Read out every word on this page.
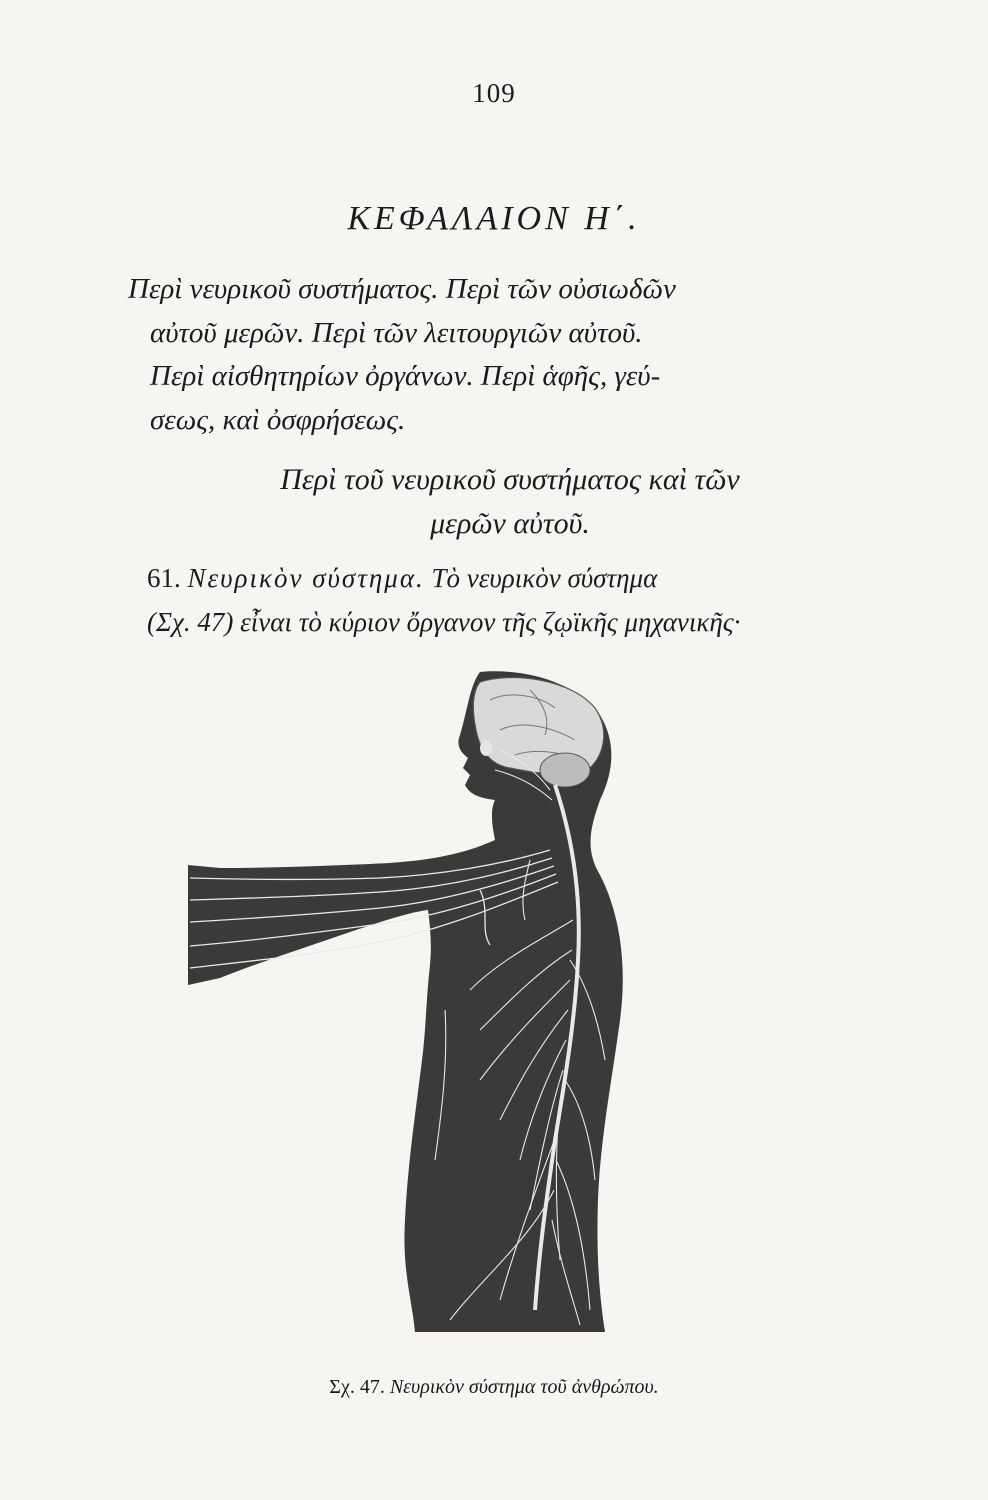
109
ΚΕΦΑΛΑΙΟΝ Η΄.
Περὶ νευρικοῦ συστήματος. Περὶ τῶν οὐσιωδῶν
αὐτοῦ μερῶν. Περὶ τῶν λειτουργιῶν αὐτοῦ.
Περὶ αἰσθητηρίων ὀργάνων. Περὶ ἁφῆς, γεύ-
σεως, καὶ ὀσφρήσεως.
Περὶ τοῦ νευρικοῦ συστήματος καὶ τῶν
μερῶν αὐτοῦ.
61. Νευρικὸν σύστημα. Τὸ νευρικὸν σύστημα
(Σχ. 47) εἶναι τὸ κύριον ὄργανον τῆς ζῳϊκῆς μηχανικῆς·
Σχ. 47. Νευρικὸν σύστημα τοῦ ἀνθρώπου.
